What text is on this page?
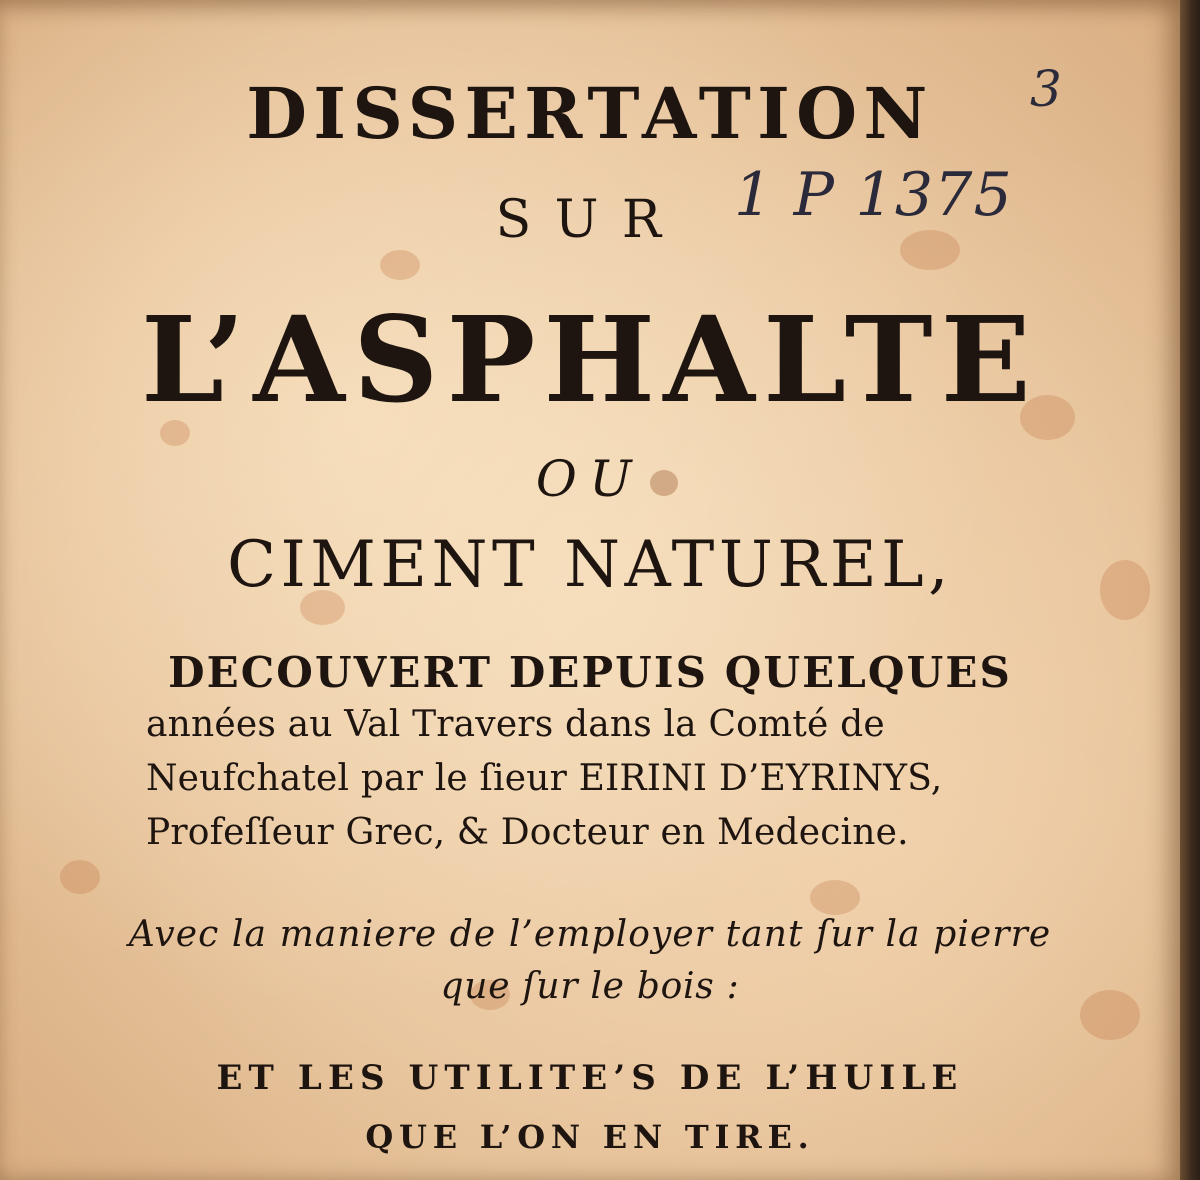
DISSERTATION
SUR
L’ASPHALTE
OU
CIMENT NATUREL,
DECOUVERT DEPUIS QUELQUES
années au Val Travers dans la Comté de
Neufchatel par le ſieur EIRINI D’EYRINYS,
Profeſſeur Grec, & Docteur en Medecine.
Avec la maniere de l’employer tant ſur la pierre
que ſur le bois :
ET LES UTILITE’S DE L’HUILE
QUE L’ON EN TIRE.
3
1 P 1375
